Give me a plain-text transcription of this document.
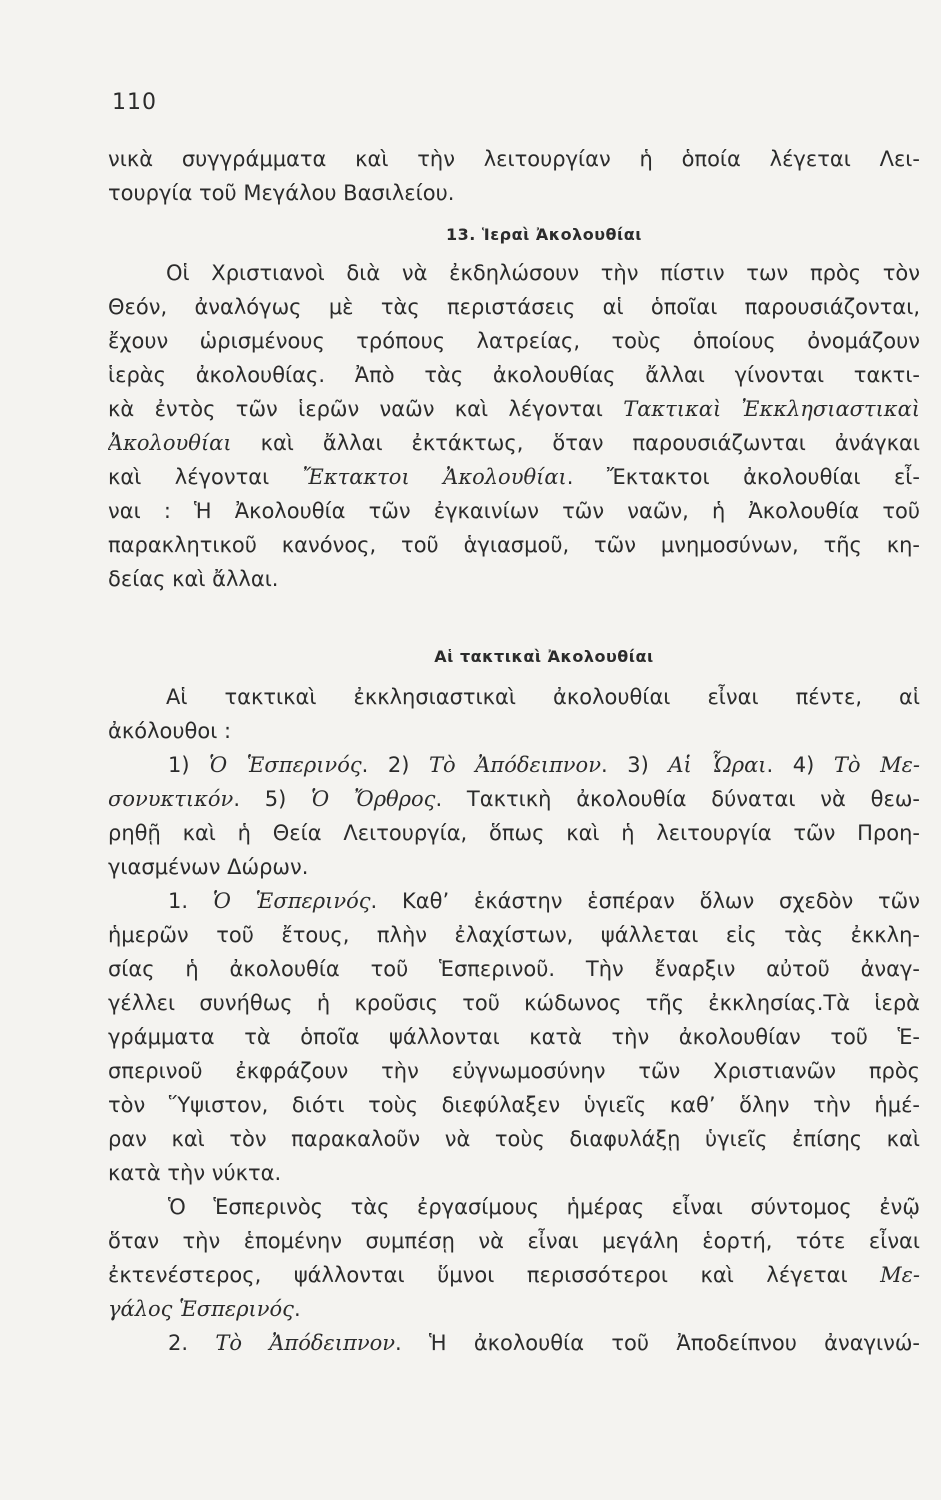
110
νικὰ συγγράμματα καὶ τὴν λειτουργίαν ἡ ὁποία λέγεται Λει-
τουργία τοῦ Μεγάλου Βασιλείου.
13. Ἱεραὶ Ἀκολουθίαι
Οἱ Χριστιανοὶ διὰ νὰ ἐκδηλώσουν τὴν πίστιν των πρὸς τὸν
Θεόν, ἀναλόγως μὲ τὰς περιστάσεις αἱ ὁποῖαι παρουσιάζονται,
ἔχουν ὡρισμένους τρόπους λατρείας, τοὺς ὁποίους ὀνομάζουν
ἱερὰς ἀκολουθίας. Ἀπὸ τὰς ἀκολουθίας ἄλλαι γίνονται τακτι-
κὰ ἐντὸς τῶν ἱερῶν ναῶν καὶ λέγονται Τακτικαὶ Ἐκκλησιαστικαὶ
Ἀκολουθίαι καὶ ἄλλαι ἐκτάκτως, ὅταν παρουσιάζωνται ἀνάγκαι
καὶ λέγονται Ἔκτακτοι Ἀκολουθίαι. Ἔκτακτοι ἀκολουθίαι εἶ-
ναι : Ἡ Ἀκολουθία τῶν ἐγκαινίων τῶν ναῶν, ἡ Ἀκολουθία τοῦ
παρακλητικοῦ κανόνος, τοῦ ἁγιασμοῦ, τῶν μνημοσύνων, τῆς κη-
δείας καὶ ἄλλαι.
Αἱ τακτικαὶ Ἀκολουθίαι
Αἱ τακτικαὶ ἐκκλησιαστικαὶ ἀκολουθίαι εἶναι πέντε, αἱ
ἀκόλουθοι :
1) Ὁ Ἑσπερινός. 2) Τὸ Ἀπόδειπνον. 3) Αἱ Ὧραι. 4) Τὸ Με-
σονυκτικόν. 5) Ὁ Ὄρθρος. Τακτικὴ ἀκολουθία δύναται νὰ θεω-
ρηθῇ καὶ ἡ Θεία Λειτουργία, ὅπως καὶ ἡ λειτουργία τῶν Προη-
γιασμένων Δώρων.
1. Ὁ Ἑσπερινός. Καθ’ ἑκάστην ἑσπέραν ὅλων σχεδὸν τῶν
ἡμερῶν τοῦ ἔτους, πλὴν ἐλαχίστων, ψάλλεται εἰς τὰς ἐκκλη-
σίας ἡ ἀκολουθία τοῦ Ἑσπερινοῦ. Τὴν ἔναρξιν αὐτοῦ ἀναγ-
γέλλει συνήθως ἡ κροῦσις τοῦ κώδωνος τῆς ἐκκλησίας.Τὰ ἱερὰ
γράμματα τὰ ὁποῖα ψάλλονται κατὰ τὴν ἀκολουθίαν τοῦ Ἑ-
σπερινοῦ ἐκφράζουν τὴν εὐγνωμοσύνην τῶν Χριστιανῶν πρὸς
τὸν Ὕψιστον, διότι τοὺς διεφύλαξεν ὑγιεῖς καθ’ ὅλην τὴν ἡμέ-
ραν καὶ τὸν παρακαλοῦν νὰ τοὺς διαφυλάξῃ ὑγιεῖς ἐπίσης καὶ
κατὰ τὴν νύκτα.
Ὁ Ἑσπερινὸς τὰς ἐργασίμους ἡμέρας εἶναι σύντομος ἐνῷ
ὅταν τὴν ἑπομένην συμπέσῃ νὰ εἶναι μεγάλη ἑορτή, τότε εἶναι
ἐκτενέστερος, ψάλλονται ὕμνοι περισσότεροι καὶ λέγεται Με-
γάλος Ἑσπερινός.
2. Τὸ Ἀπόδειπνον. Ἡ ἀκολουθία τοῦ Ἀποδείπνου ἀναγινώ-
